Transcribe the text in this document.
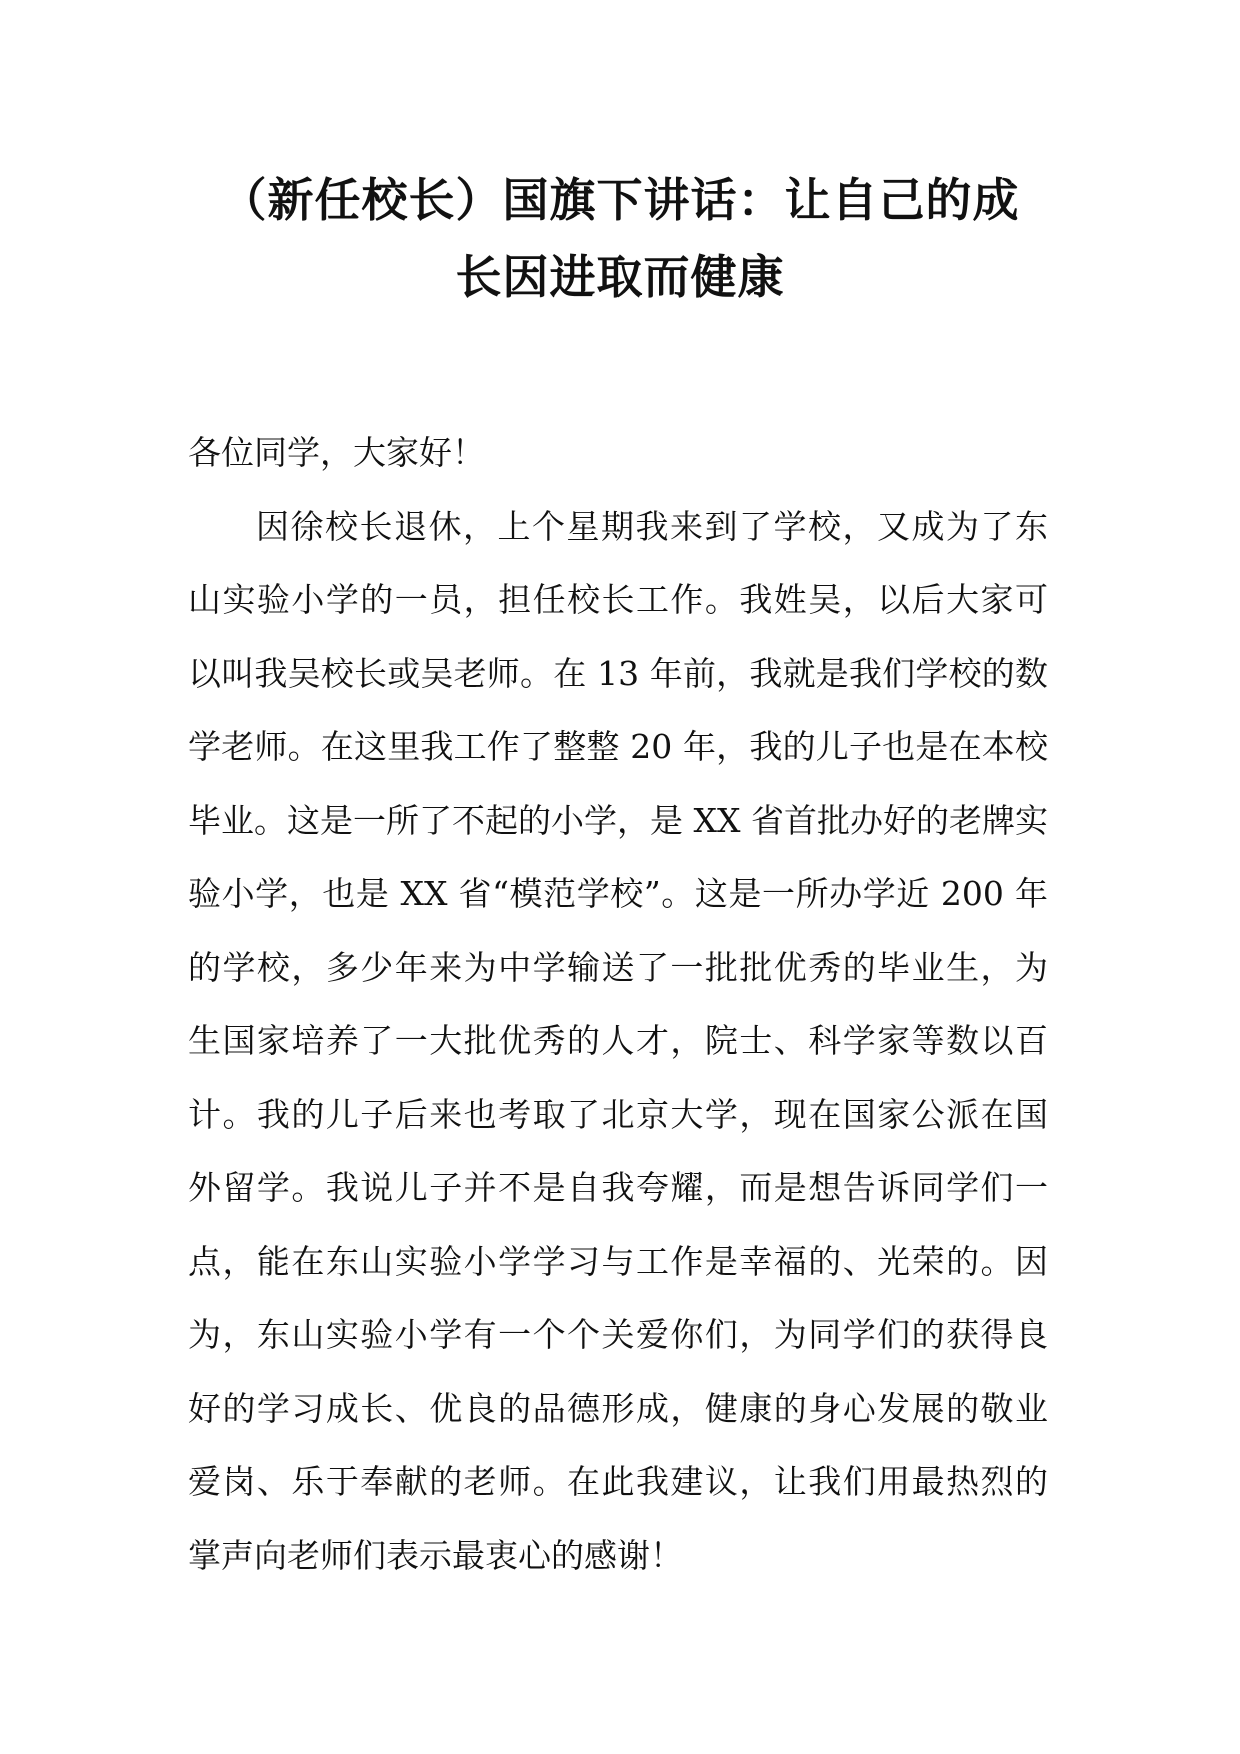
（新任校长）国旗下讲话：让自己的成
长因进取而健康
各位同学，大家好！
因徐校长退休，上个星期我来到了学校，又成为了东
山实验小学的一员，担任校长工作。我姓吴，以后大家可
以叫我吴校长或吴老师。在 13 年前，我就是我们学校的数
学老师。在这里我工作了整整 20 年，我的儿子也是在本校
毕业。这是一所了不起的小学，是 XX 省首批办好的老牌实
验小学，也是 XX 省“模范学校”。这是一所办学近 200 年
的学校，多少年来为中学输送了一批批优秀的毕业生，为
生国家培养了一大批优秀的人才，院士、科学家等数以百
计。我的儿子后来也考取了北京大学，现在国家公派在国
外留学。我说儿子并不是自我夸耀，而是想告诉同学们一
点，能在东山实验小学学习与工作是幸福的、光荣的。因
为，东山实验小学有一个个关爱你们，为同学们的获得良
好的学习成长、优良的品德形成，健康的身心发展的敬业
爱岗、乐于奉献的老师。在此我建议，让我们用最热烈的
掌声向老师们表示最衷心的感谢！
